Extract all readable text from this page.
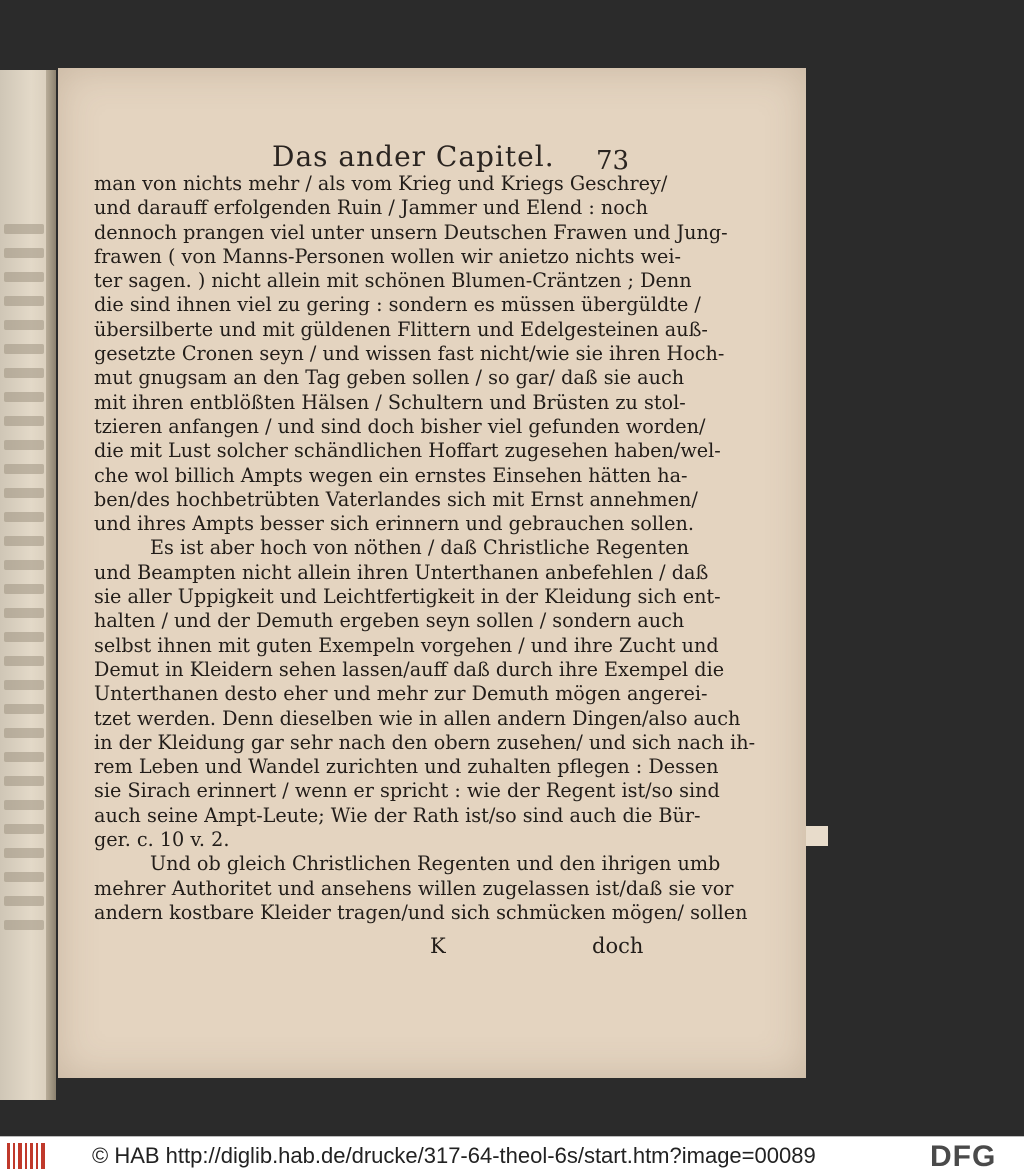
Das ander Capitel. 73
man von nichts mehr / als vom Krieg und Kriegs Geschrey/
und darauff erfolgenden Ruin / Jammer und Elend : noch
dennoch prangen viel unter unsern Deutschen Frawen und Jung-
frawen ( von Manns-Personen wollen wir anietzo nichts wei-
ter sagen. ) nicht allein mit schönen Blumen-Cräntzen ; Denn
die sind ihnen viel zu gering : sondern es müssen übergüldte /
übersilberte und mit güldenen Flittern und Edelgesteinen auß-
gesetzte Cronen seyn / und wissen fast nicht/wie sie ihren Hoch-
mut gnugsam an den Tag geben sollen / so gar/ daß sie auch
mit ihren entblößten Hälsen / Schultern und Brüsten zu stol-
tzieren anfangen / und sind doch bisher viel gefunden worden/
die mit Lust solcher schändlichen Hoffart zugesehen haben/wel-
che wol billich Ampts wegen ein ernstes Einsehen hätten ha-
ben/des hochbetrübten Vaterlandes sich mit Ernst annehmen/
und ihres Ampts besser sich erinnern und gebrauchen sollen.
Es ist aber hoch von nöthen / daß Christliche Regenten
und Beampten nicht allein ihren Unterthanen anbefehlen / daß
sie aller Uppigkeit und Leichtfertigkeit in der Kleidung sich ent-
halten / und der Demuth ergeben seyn sollen / sondern auch
selbst ihnen mit guten Exempeln vorgehen / und ihre Zucht und
Demut in Kleidern sehen lassen/auff daß durch ihre Exempel die
Unterthanen desto eher und mehr zur Demuth mögen angerei-
tzet werden. Denn dieselben wie in allen andern Dingen/also auch
in der Kleidung gar sehr nach den obern zusehen/ und sich nach ih-
rem Leben und Wandel zurichten und zuhalten pflegen : Dessen
sie Sirach erinnert / wenn er spricht : wie der Regent ist/so sind
auch seine Ampt-Leute; Wie der Rath ist/so sind auch die Bür-
ger. c. 10 v. 2.
Und ob gleich Christlichen Regenten und den ihrigen umb
mehrer Authoritet und ansehens willen zugelassen ist/daß sie vor
andern kostbare Kleider tragen/und sich schmücken mögen/ sollen
K	doch
© HAB http://diglib.hab.de/drucke/317-64-theol-6s/start.htm?image=00089	DFG
